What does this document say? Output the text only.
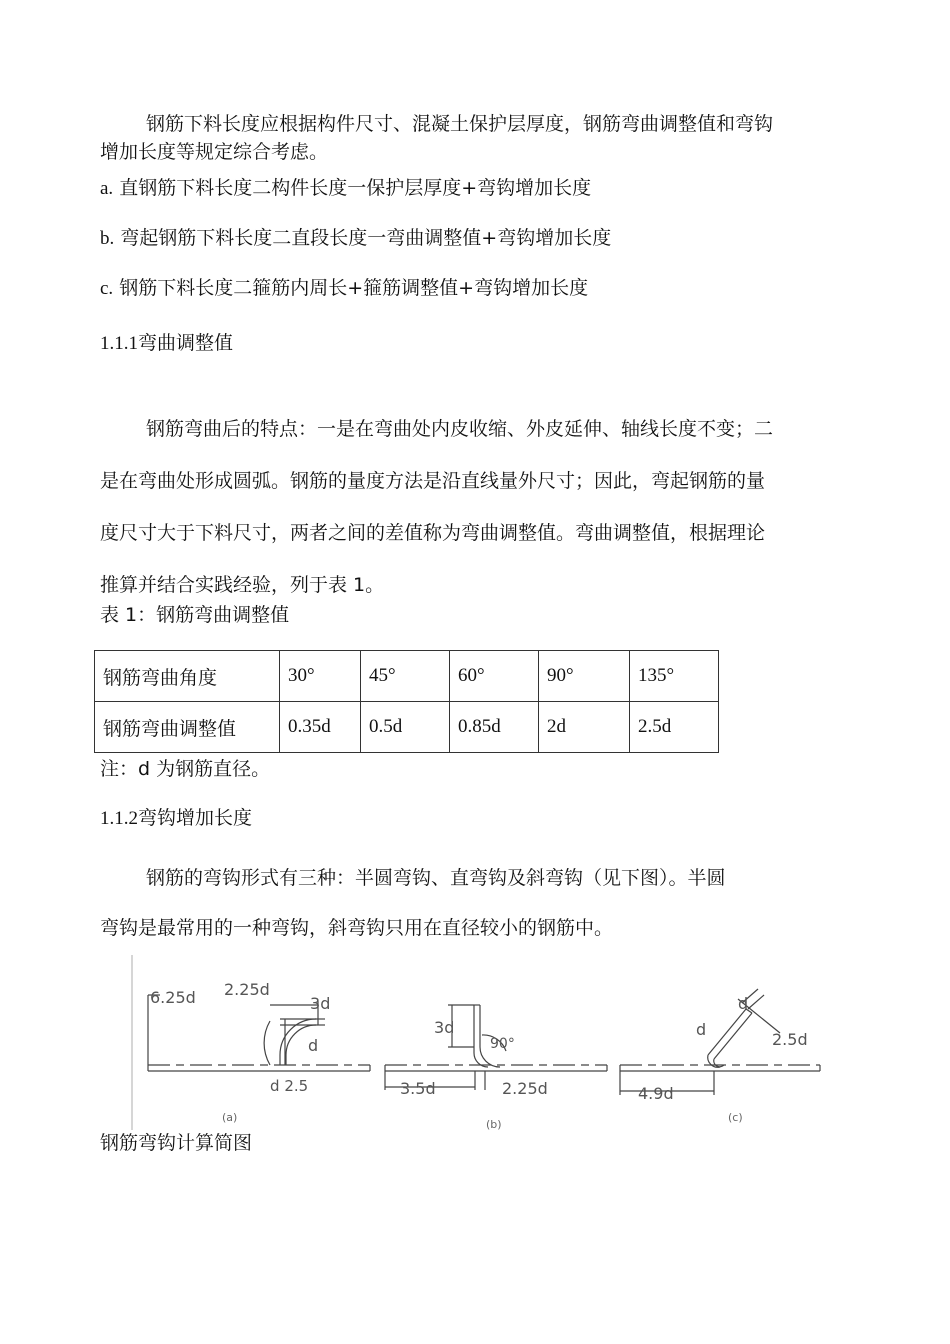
钢筋下料长度应根据构件尺寸、混凝土保护层厚度，钢筋弯曲调整值和弯钩

增加长度等规定综合考虑。

a. 直钢筋下料长度二构件长度一保护层厚度+弯钩增加长度
b. 弯起钢筋下料长度二直段长度一弯曲调整值+弯钩增加长度
c. 钢筋下料长度二箍筋内周长+箍筋调整值+弯钩增加长度
1.1.1弯曲调整值

钢筋弯曲后的特点：一是在弯曲处内皮收缩、外皮延伸、轴线长度不变；二

是在弯曲处形成圆弧。钢筋的量度方法是沿直线量外尺寸；因此，弯起钢筋的量

度尺寸大于下料尺寸，两者之间的差值称为弯曲调整值。弯曲调整值，根据理论

推算并结合实践经验，列于表 1。

表 1：钢筋弯曲调整值
钢筋弯曲角度	30°	45°	60°	90°	135°
钢筋弯曲调整值	0.35d	0.5d	0.85d	2d	2.5d
注：d 为钢筋直径。
1.1.2弯钩增加长度

钢筋的弯钩形式有三种：半圆弯钩、直弯钩及斜弯钩（见下图）。半圆

弯钩是最常用的一种弯钩，斜弯钩只用在直径较小的钢筋中。

6.25d 2.25d
3d
d
d 2.5
(a)
3d
90°
3.5d	2.25d
(b)
d
d
2.5d
4.9d
(c)
钢筋弯钩计算简图
